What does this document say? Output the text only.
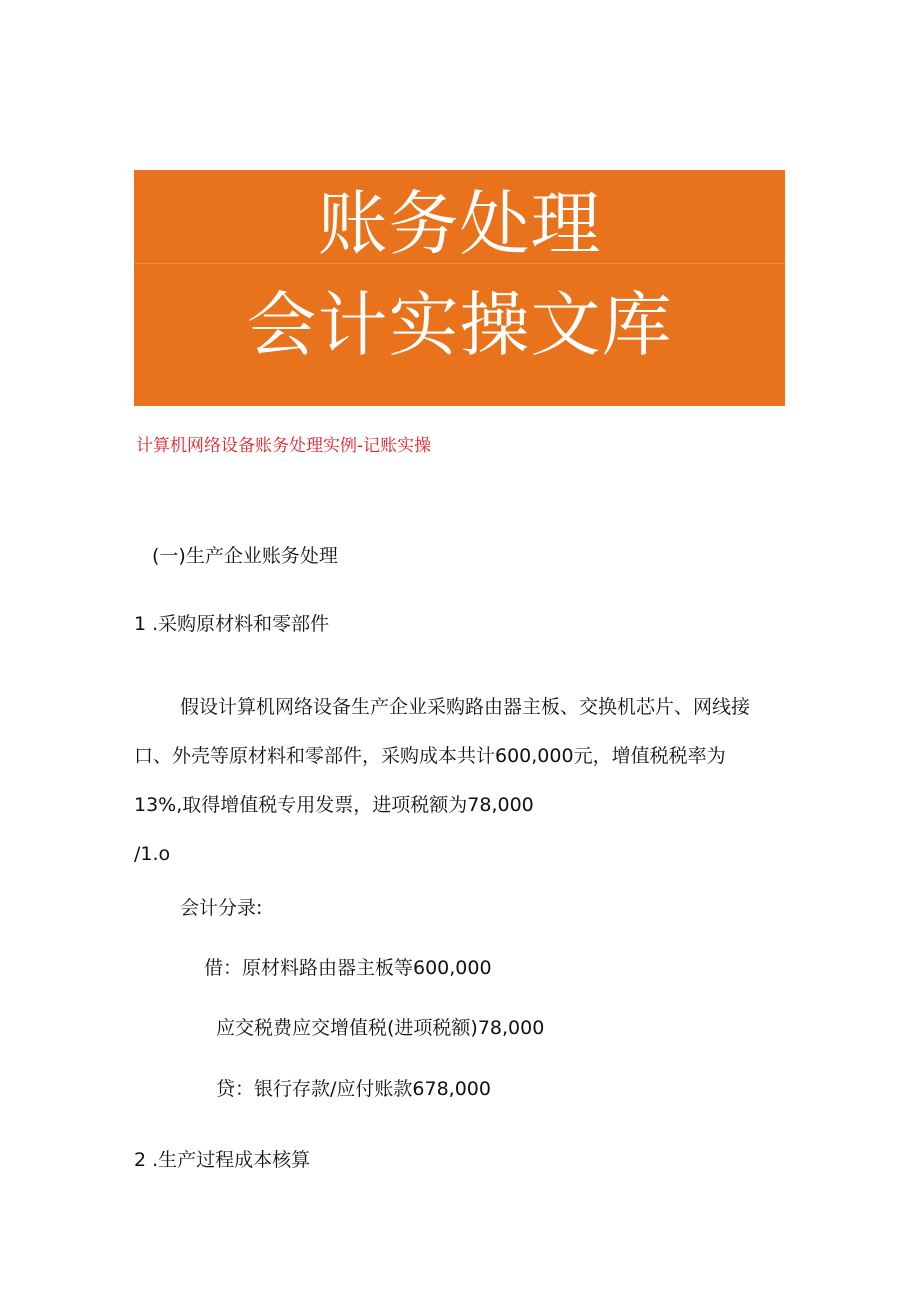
账务处理
会计实操文库
计算机网络设备账务处理实例-记账实操
(一)生产企业账务处理
1 .采购原材料和零部件
假设计算机网络设备生产企业采购路由器主板、交换机芯片、网线接
口、外壳等原材料和零部件，采购成本共计600,000元，增值税税率为
13%,取得增值税专用发票，进项税额为78,000
/1.o
会计分录:
借：原材料路由器主板等600,000
应交税费应交增值税(进项税额)78,000
贷：银行存款/应付账款678,000
2 .生产过程成本核算
